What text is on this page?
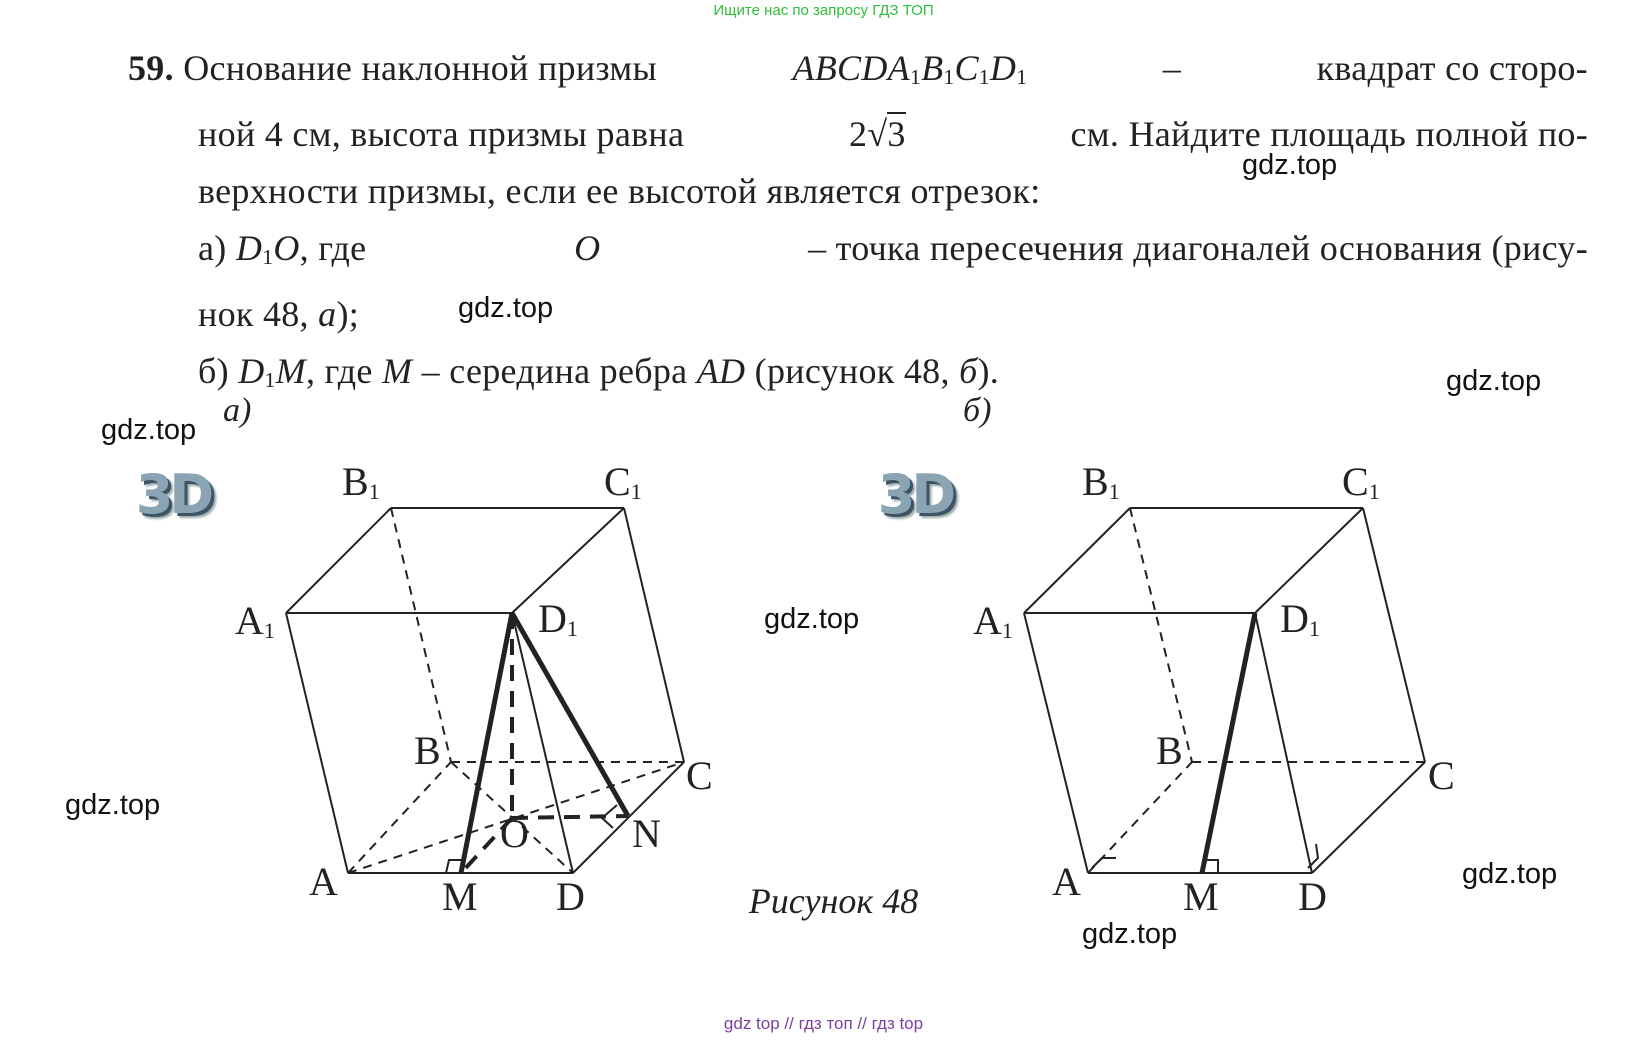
Ищите нас по запросу ГДЗ ТОП
59. Основание наклонной призмы	$ABCDA_1B_1C_1D_1$	–	квадрат со сторо-
ной 4 см, высота призмы равна	2√3	см. Найдите площадь полной по-
верхности призмы, если ее высотой является отрезок:
а) $D_1O$, где	O	– точка пересечения диагоналей основания (рису-
нок 48, а);
б) $D_1M$, где M – середина ребра AD (рисунок 48, б).
а)
3D	$B_1$	$C_1$
$A_1$	$D_1$
B
C
N
O
A	M D
б)
3D	$B_1$	$C_1$
$A_1$	$D_1$
B
C
A	M D
Рисунок 48
gdz.top
gdz.top
gdz.top
gdz.top
gdz.top
gdz.top
gdz.top
gdz.top
gdz top // гдз топ // гдз top
